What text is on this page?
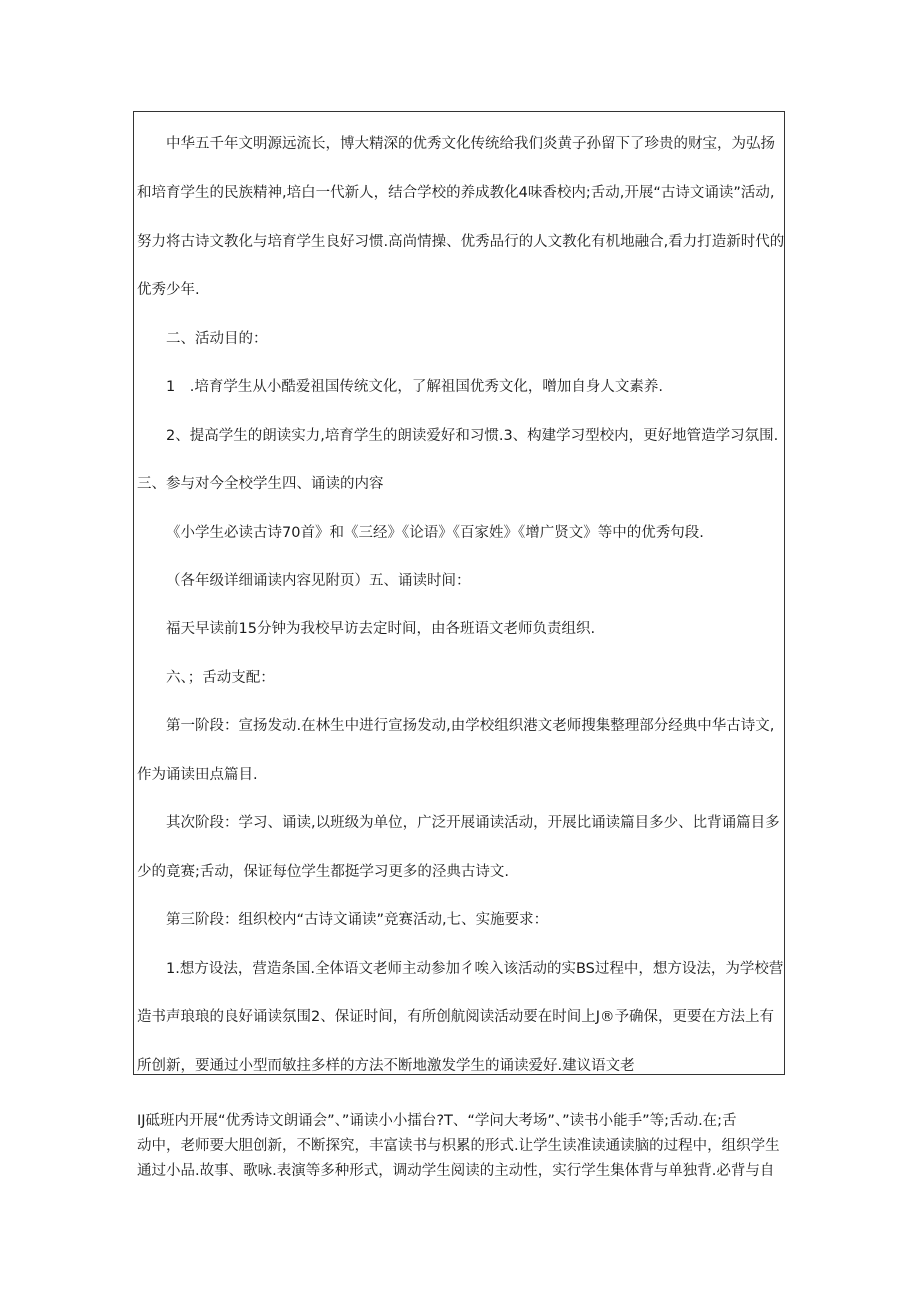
中华五千年文明源远流长，博大精深的优秀文化传统给我们炎黄子孙留下了珍贵的财宝，为弘扬
和培育学生的民族精神,培白一代新人，结合学校的养成教化4味香校内;舌动,开展“古诗文诵读”活动,
努力将古诗文教化与培育学生良好习惯.高尚情操、优秀品行的人文教化有机地融合,看力打造新时代的
优秀少年.
二、活动目的：
1　.培育学生从小酷爱祖国传统文化，了解祖国优秀文化，噌加自身人文素养.
2、提高学生的朗读实力,培育学生的朗读爱好和习惯.3、构建学习型校内，更好地管造学习氛围.
三、参与对今全校学生四、诵读的内容
《小学生必读古诗70首》和《三经》《论语》《百家姓》《增广贤文》等中的优秀句段.
（各年级详细诵读内容见附页）五、诵读时间：
福天早读前15分钟为我校早访去定时间，由各班语文老师负责组织.
六、；舌动支配：
第一阶段：宣扬发动.在林生中进行宣扬发动,由学校组织港文老师搜集整理部分经典中华古诗文,
作为诵读田点篇目.
其次阶段：学习、诵读,以班级为单位，广泛开展诵读活动，开展比诵读篇目多少、比背诵篇目多
少的竟赛;舌动，保证每位学生都挺学习更多的泾典古诗文.
第三阶段：组织校内“古诗文诵读”竞赛活动,七、实施要求：
1.想方设法，营造条国.全体语文老师主动参加彳唉入该活动的实BS过程中，想方设法，为学校营
造书声琅琅的良好诵读氛围2、保证时间，有所创航阅读活动要在时间上J®予确保，更要在方法上有
所创新，要通过小型而敏拄多样的方法不断地激发学生的诵读爱好.建议语文老
IJ砥班内开展“优秀诗文朗诵会”、”诵读小小擂台?T、“学问大考场”、”读书小能手”等;舌动.在;舌
动中，老师要大胆创新，不断探究，丰富读书与枳累的形式.让学生读准读通读脑的过程中，组织学生
通过小品.故事、歌咏.表演等多种形式，调动学生阅读的主动性，实行学生集体背与单独背.必背与自
